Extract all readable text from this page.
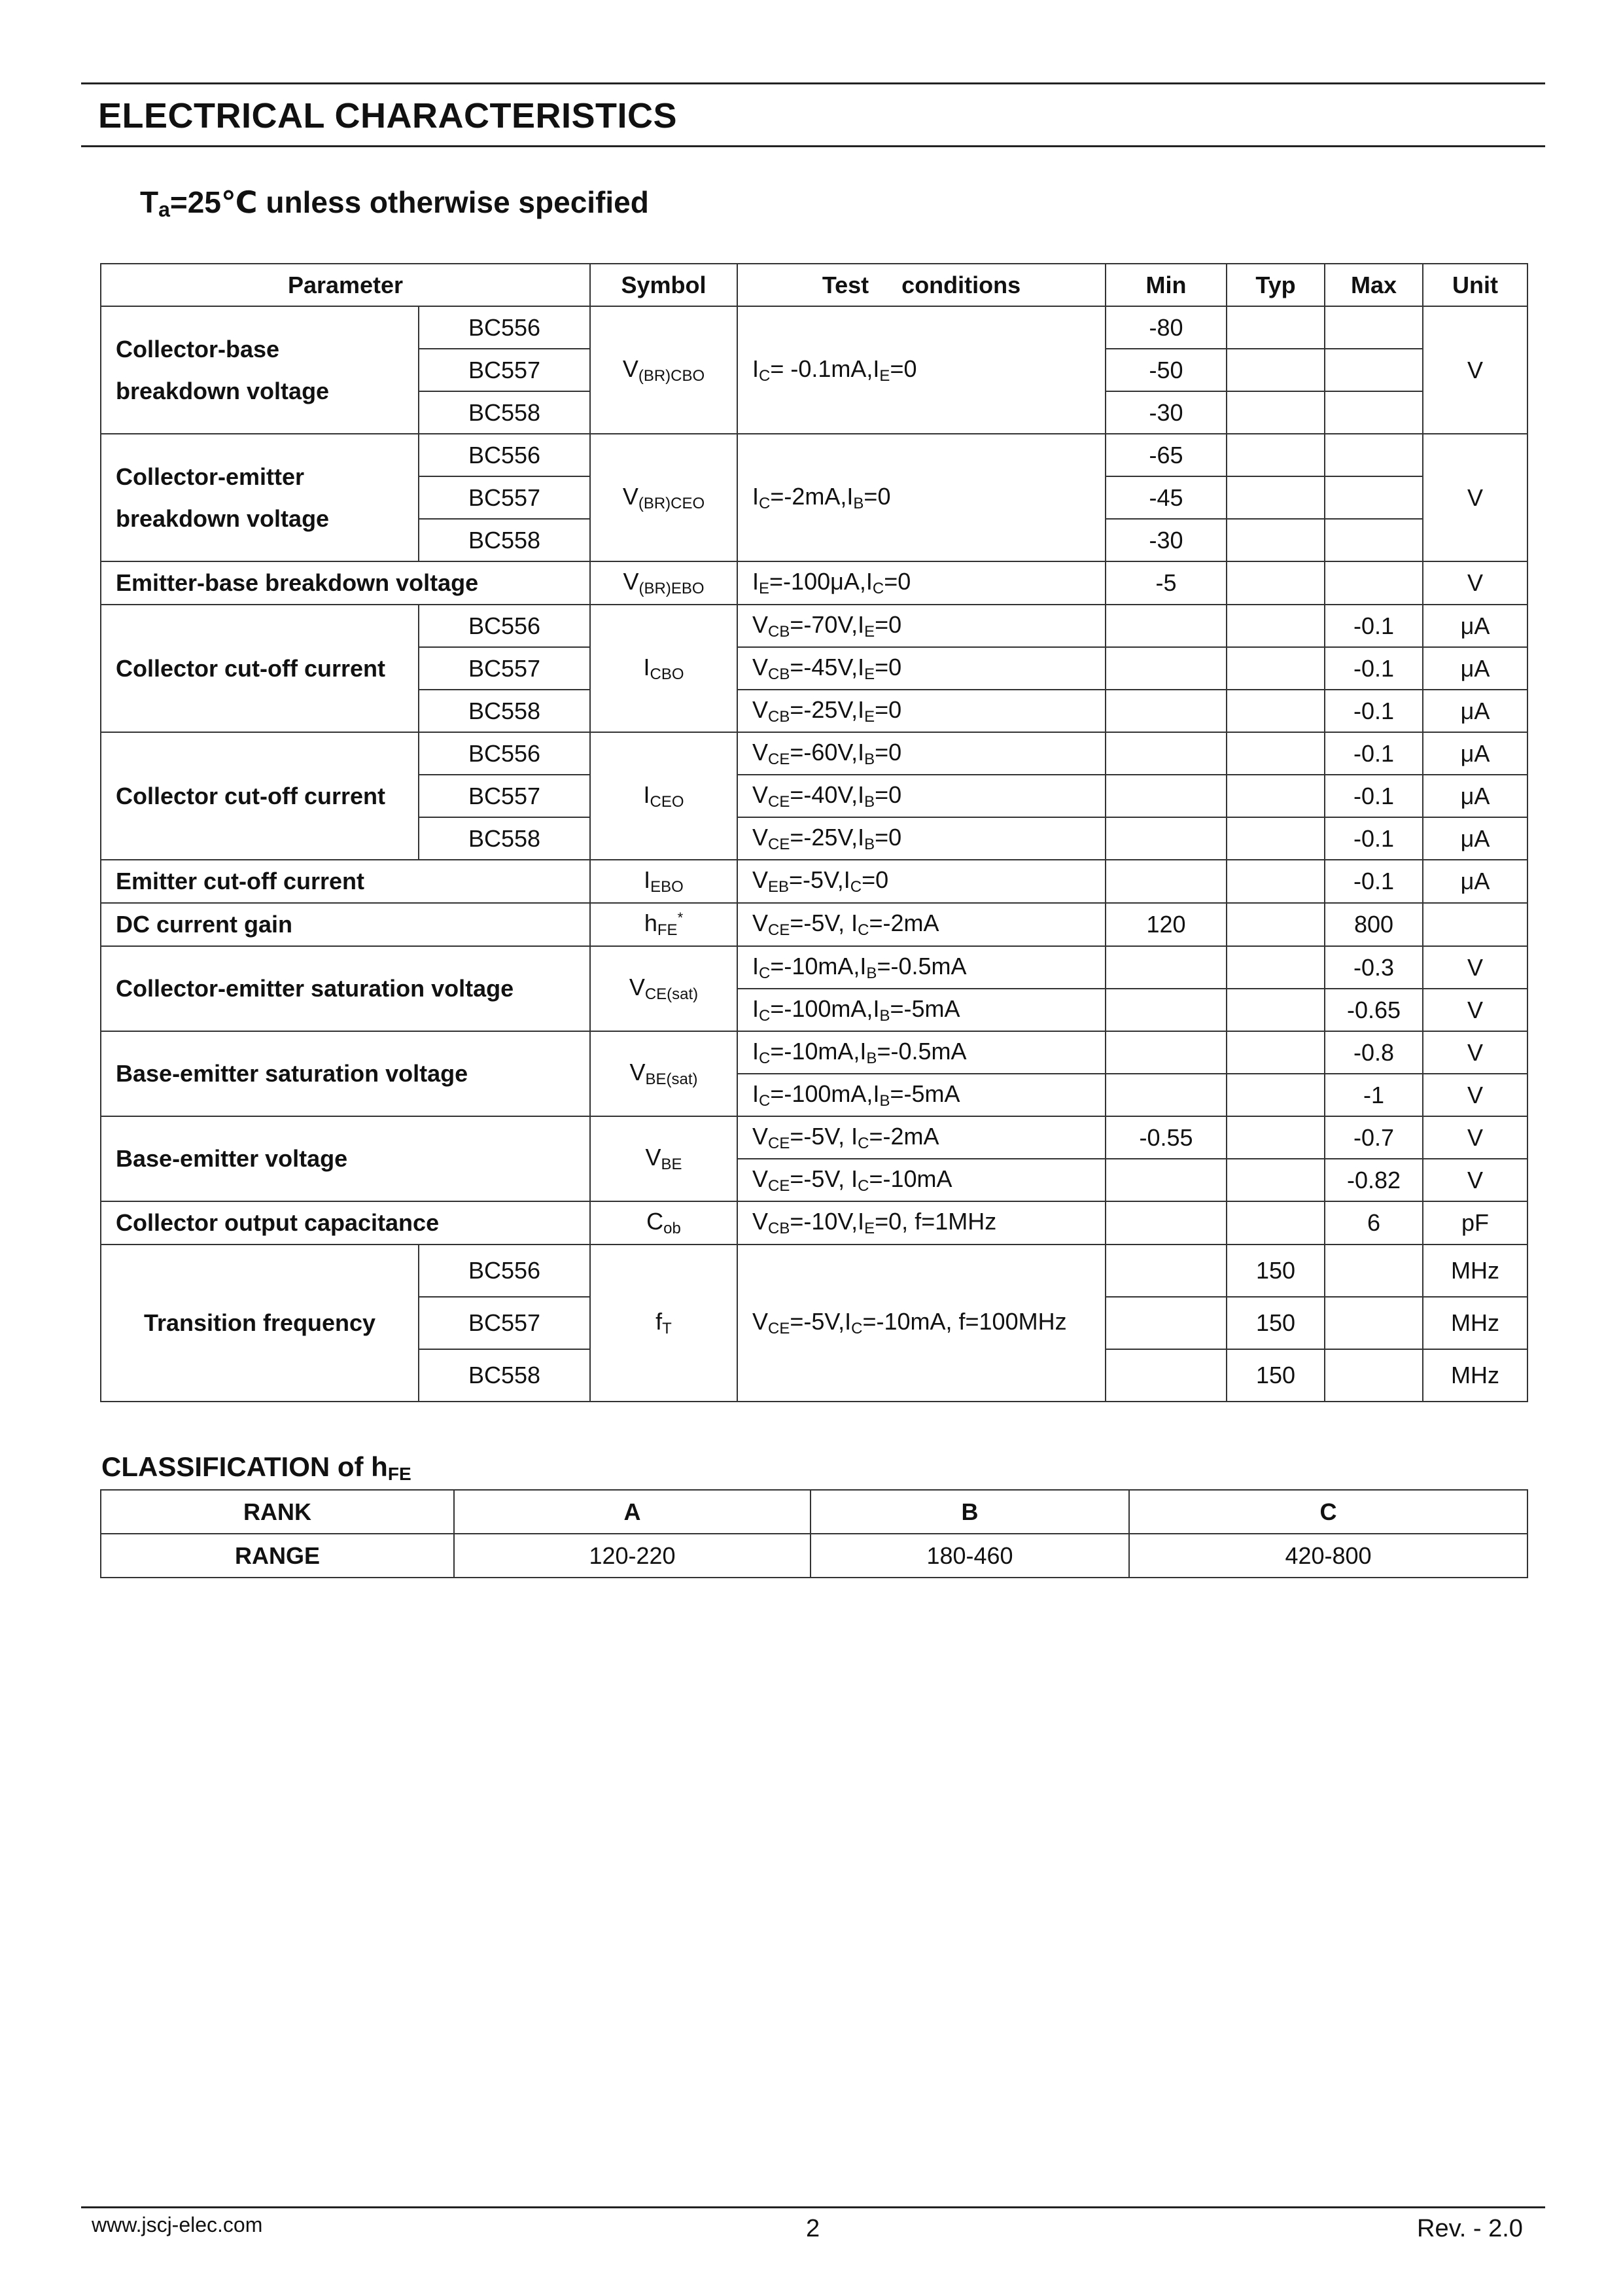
ELECTRICAL CHARACTERISTICS
$T_a=25℃$ unless otherwise specified
Parameter		Symbol	Test     conditions	Min	Typ	Max	Unit
Collector-base
breakdown voltage	BC556	$V_{(BR)CBO}$	$I_C= -0.1mA,I_E=0$	-80			V
	BC557			-50			
	BC558			-30			
Collector-emitter
breakdown voltage	BC556	$V_{(BR)CEO}$	$I_C=-2mA,I_B=0$	-65			V
	BC557			-45			
	BC558			-30			
Emitter-base breakdown voltage		$V_{(BR)EBO}$	$I_E=-100\mu A,I_C=0$	-5			V
Collector cut-off current	BC556	$I_{CBO}$	$V_{CB}=-70V,I_E=0$			-0.1	μA
	BC557		$V_{CB}=-45V,I_E=0$			-0.1	μA
	BC558		$V_{CB}=-25V,I_E=0$			-0.1	μA
Collector cut-off current	BC556	$I_{CEO}$	$V_{CE}=-60V,I_B=0$			-0.1	μA
	BC557		$V_{CE}=-40V,I_B=0$			-0.1	μA
	BC558		$V_{CE}=-25V,I_B=0$			-0.1	μA
Emitter cut-off current		$I_{EBO}$	$V_{EB}=-5V,I_C=0$			-0.1	μA
DC current gain		$h_{FE}^*$	$V_{CE}=-5V$, $I_C=-2mA$	120		800	
Collector-emitter saturation voltage		$V_{CE(sat)}$	$I_C=-10mA,I_B=-0.5mA$			-0.3	V
			$I_C=-100mA,I_B=-5mA$			-0.65	V
Base-emitter saturation voltage		$V_{BE(sat)}$	$I_C=-10mA,I_B=-0.5mA$			-0.8	V
			$I_C=-100mA,I_B=-5mA$			-1	V
Base-emitter voltage		$V_{BE}$	$V_{CE}=-5V$, $I_C=-2mA$	-0.55		-0.7	V
			$V_{CE}=-5V$, $I_C=-10mA$			-0.82	V
Collector output capacitance		$C_{ob}$	$V_{CB}=-10V,I_E=0$, f=1MHz			6	pF
Transition frequency	BC556	$f_T$	$V_{CE}=-5V,I_C=-10mA$, f=100MHz		150		MHz
	BC557				150		MHz
	BC558				150		MHz
CLASSIFICATION of $h_{FE}$
RANK	A	B	C
RANGE	120-220	180-460	420-800
www.jscj-elec.com	2	Rev. - 2.0
